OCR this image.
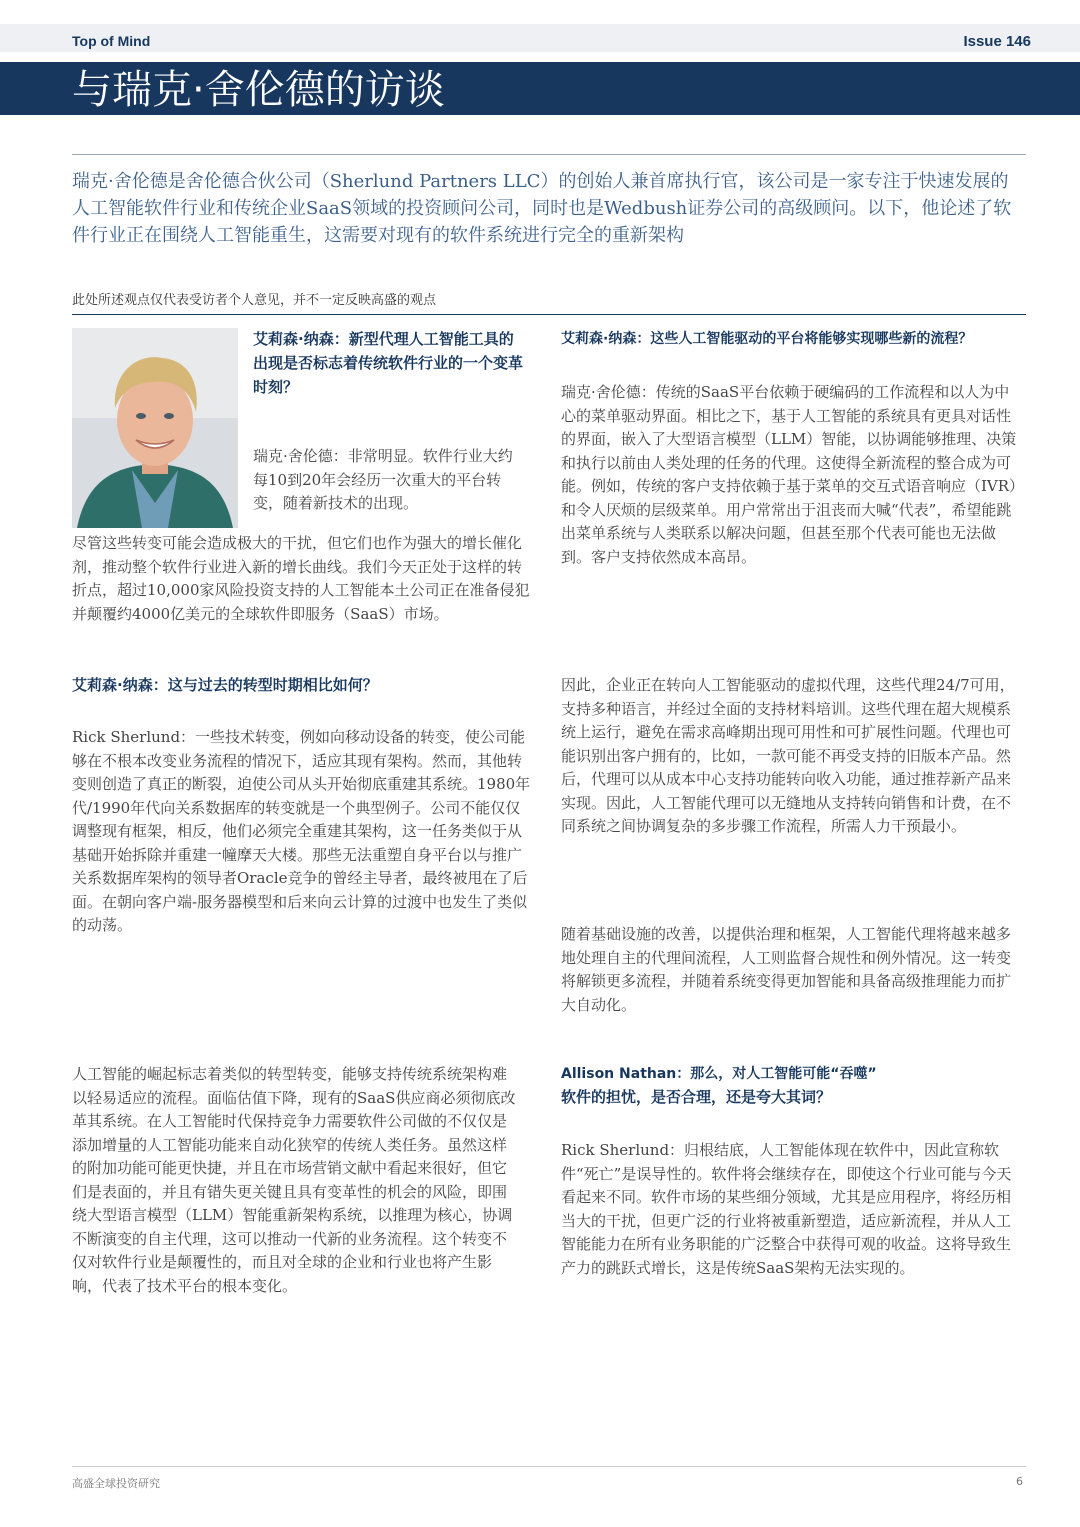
Top of Mind	Issue 146
与瑞克·舍伦德的访谈

瑞克·舍伦德是舍伦德合伙公司（Sherlund Partners LLC）的创始人兼首席执行官，该公司是一家专注于快速发展的人工智能软件行业和传统企业SaaS领域的投资顾问公司，同时也是Wedbush证券公司的高级顾问。以下，他论述了软件行业正在围绕人工智能重生，这需要对现有的软件系统进行完全的重新架构

此处所述观点仅代表受访者个人意见，并不一定反映高盛的观点

艾莉森·纳森：新型代理人工智能工具的出现是否标志着传统软件行业的一个变革时刻？

瑞克·舍伦德：非常明显。软件行业大约每10到20年会经历一次重大的平台转变，随着新技术的出现。

尽管这些转变可能会造成极大的干扰，但它们也作为强大的增长催化剂，推动整个软件行业进入新的增长曲线。我们今天正处于这样的转折点，超过10,000家风险投资支持的人工智能本土公司正在准备侵犯并颠覆约4000亿美元的全球软件即服务（SaaS）市场。

艾莉森·纳森：这与过去的转型时期相比如何？

Rick Sherlund：一些技术转变，例如向移动设备的转变，使公司能够在不根本改变业务流程的情况下，适应其现有架构。然而，其他转变则创造了真正的断裂，迫使公司从头开始彻底重建其系统。1980年代/1990年代向关系数据库的转变就是一个典型例子。公司不能仅仅调整现有框架，相反，他们必须完全重建其架构，这一任务类似于从基础开始拆除并重建一幢摩天大楼。那些无法重塑自身平台以与推广关系数据库架构的领导者Oracle竞争的曾经主导者，最终被甩在了后面。在朝向客户端-服务器模型和后来向云计算的过渡中也发生了类似的动荡。

人工智能的崛起标志着类似的转型转变，能够支持传统系统架构难以轻易适应的流程。面临估值下降，现有的SaaS供应商必须彻底改革其系统。在人工智能时代保持竞争力需要软件公司做的不仅仅是添加增量的人工智能功能来自动化狭窄的传统人类任务。虽然这样的附加功能可能更快捷，并且在市场营销文献中看起来很好，但它们是表面的，并且有错失更关键且具有变革性的机会的风险，即围绕大型语言模型（LLM）智能重新架构系统，以推理为核心，协调不断演变的自主代理，这可以推动一代新的业务流程。这个转变不仅对软件行业是颠覆性的，而且对全球的企业和行业也将产生影响，代表了技术平台的根本变化。

艾莉森·纳森：这些人工智能驱动的平台将能够实现哪些新的流程？

瑞克·舍伦德：传统的SaaS平台依赖于硬编码的工作流程和以人为中心的菜单驱动界面。相比之下，基于人工智能的系统具有更具对话性的界面，嵌入了大型语言模型（LLM）智能，以协调能够推理、决策和执行以前由人类处理的任务的代理。这使得全新流程的整合成为可能。例如，传统的客户支持依赖于基于菜单的交互式语音响应（IVR）和令人厌烦的层级菜单。用户常常出于沮丧而大喊“代表”，希望能跳出菜单系统与人类联系以解决问题，但甚至那个代表可能也无法做到。客户支持依然成本高昂。

因此，企业正在转向人工智能驱动的虚拟代理，这些代理24/7可用，支持多种语言，并经过全面的支持材料培训。这些代理在超大规模系统上运行，避免在需求高峰期出现可用性和可扩展性问题。代理也可能识别出客户拥有的，比如，一款可能不再受支持的旧版本产品。然后，代理可以从成本中心支持功能转向收入功能，通过推荐新产品来实现。因此，人工智能代理可以无缝地从支持转向销售和计费，在不同系统之间协调复杂的多步骤工作流程，所需人力干预最小。

随着基础设施的改善，以提供治理和框架，人工智能代理将越来越多地处理自主的代理间流程，人工则监督合规性和例外情况。这一转变将解锁更多流程，并随着系统变得更加智能和具备高级推理能力而扩大自动化。

Allison Nathan：那么，对人工智能可能“吞噬”

软件的担忧，是否合理，还是夸大其词？

Rick Sherlund：归根结底，人工智能体现在软件中，因此宣称软件“死亡”是误导性的。软件将会继续存在，即使这个行业可能与今天看起来不同。软件市场的某些细分领域，尤其是应用程序，将经历相当大的干扰，但更广泛的行业将被重新塑造，适应新流程，并从人工智能能力在所有业务职能的广泛整合中获得可观的收益。这将导致生产力的跳跃式增长，这是传统SaaS架构无法实现的。

高盛全球投资研究	6
